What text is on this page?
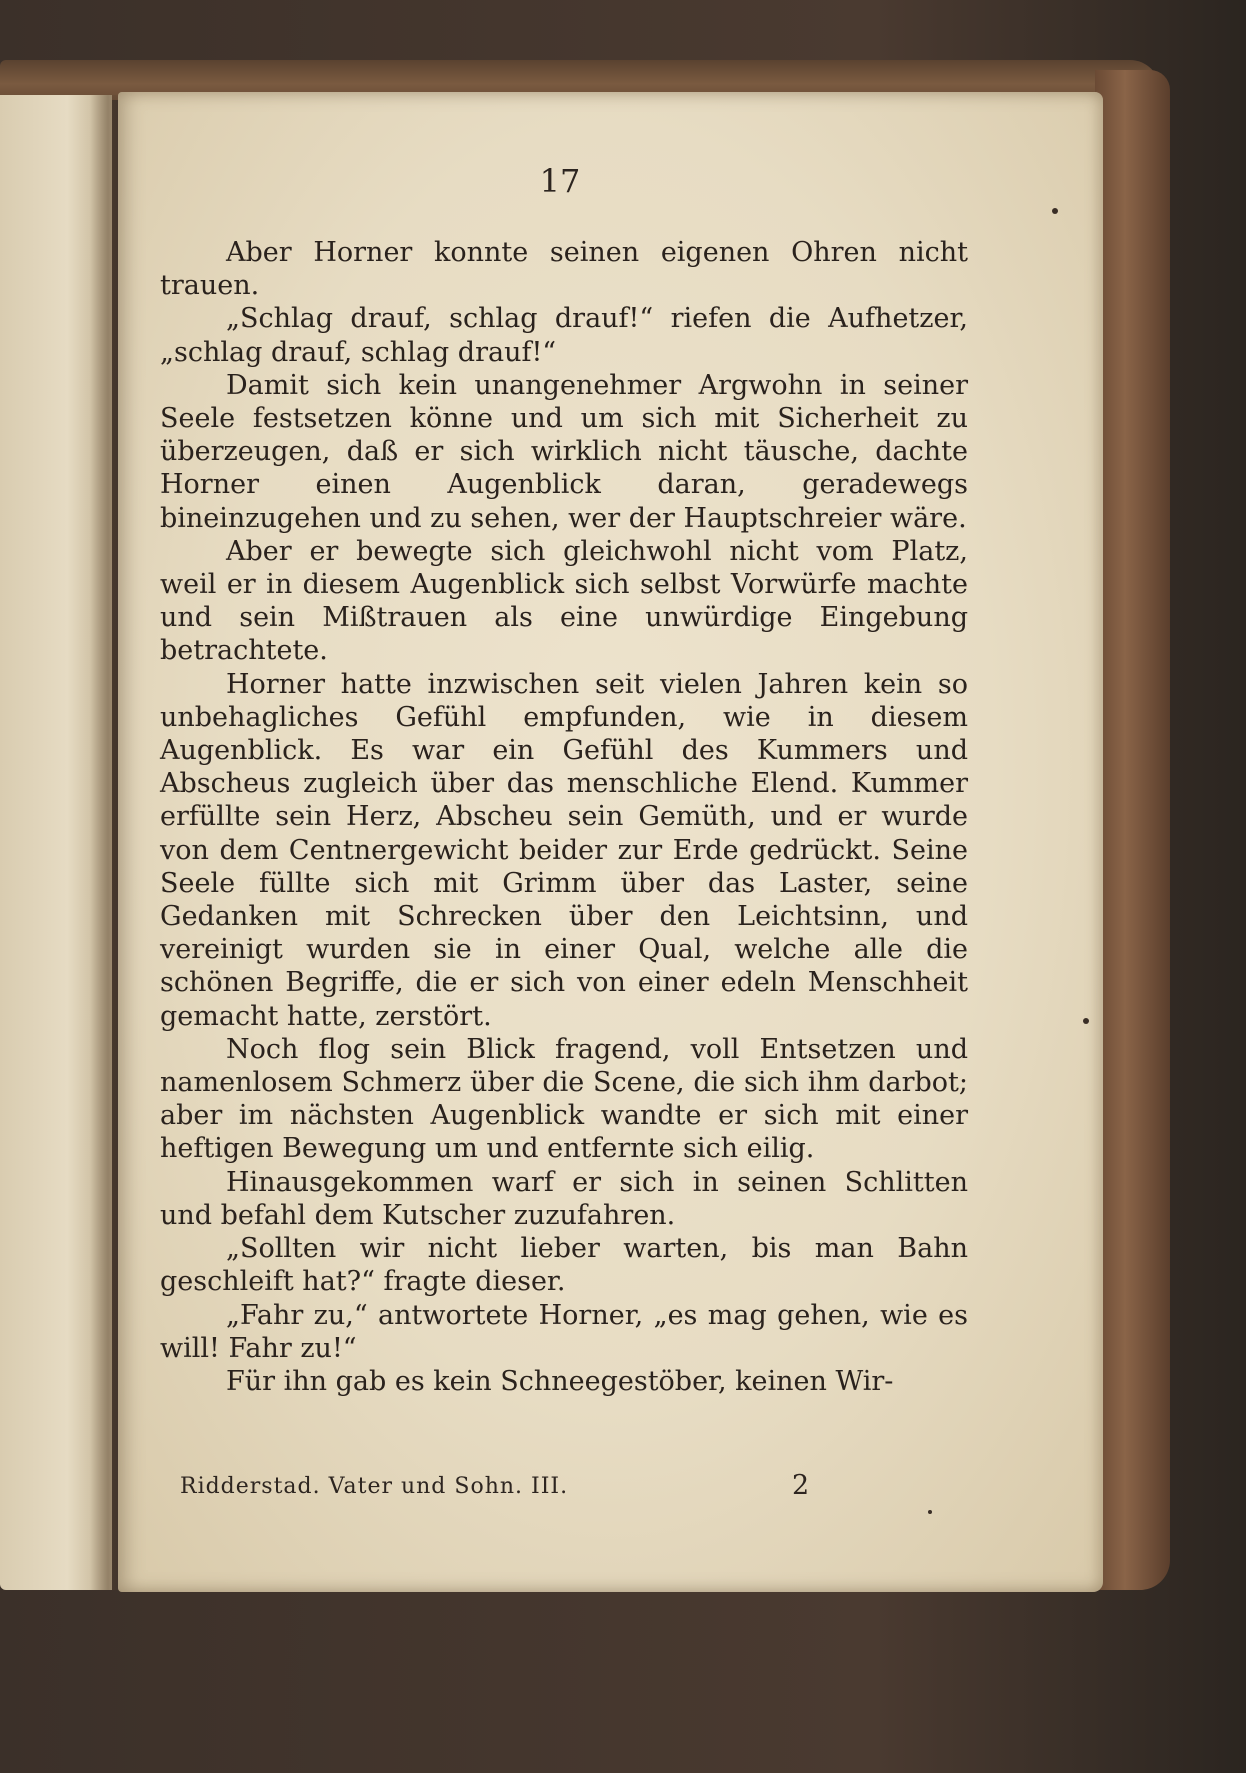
17

Aber Horner konnte seinen eigenen Ohren nicht trauen.

„Schlag drauf, schlag drauf!“ riefen die Aufhetzer, „schlag drauf, schlag drauf!“

Damit sich kein unangenehmer Argwohn in seiner Seele festsetzen könne und um sich mit Sicherheit zu überzeugen, daß er sich wirklich nicht täusche, dachte Horner einen Augenblick daran, geradewegs bineinzugehen und zu sehen, wer der Hauptschreier wäre.

Aber er bewegte sich gleichwohl nicht vom Platz, weil er in diesem Augenblick sich selbst Vorwürfe machte und sein Mißtrauen als eine unwürdige Eingebung betrachtete.

Horner hatte inzwischen seit vielen Jahren kein so unbehagliches Gefühl empfunden, wie in diesem Augenblick. Es war ein Gefühl des Kummers und Abscheus zugleich über das menschliche Elend. Kummer erfüllte sein Herz, Abscheu sein Gemüth, und er wurde von dem Centnergewicht beider zur Erde gedrückt. Seine Seele füllte sich mit Grimm über das Laster, seine Gedanken mit Schrecken über den Leichtsinn, und vereinigt wurden sie in einer Qual, welche alle die schönen Begriffe, die er sich von einer edeln Menschheit gemacht hatte, zerstört.

Noch flog sein Blick fragend, voll Entsetzen und namenlosem Schmerz über die Scene, die sich ihm darbot; aber im nächsten Augenblick wandte er sich mit einer heftigen Bewegung um und entfernte sich eilig.

Hinausgekommen warf er sich in seinen Schlitten und befahl dem Kutscher zuzufahren.

„Sollten wir nicht lieber warten, bis man Bahn geschleift hat?“ fragte dieser.

„Fahr zu,“ antwortete Horner, „es mag gehen, wie es will! Fahr zu!“

Für ihn gab es kein Schneegestöber, keinen Wir-

Ridderstad. Vater und Sohn. III.	2
